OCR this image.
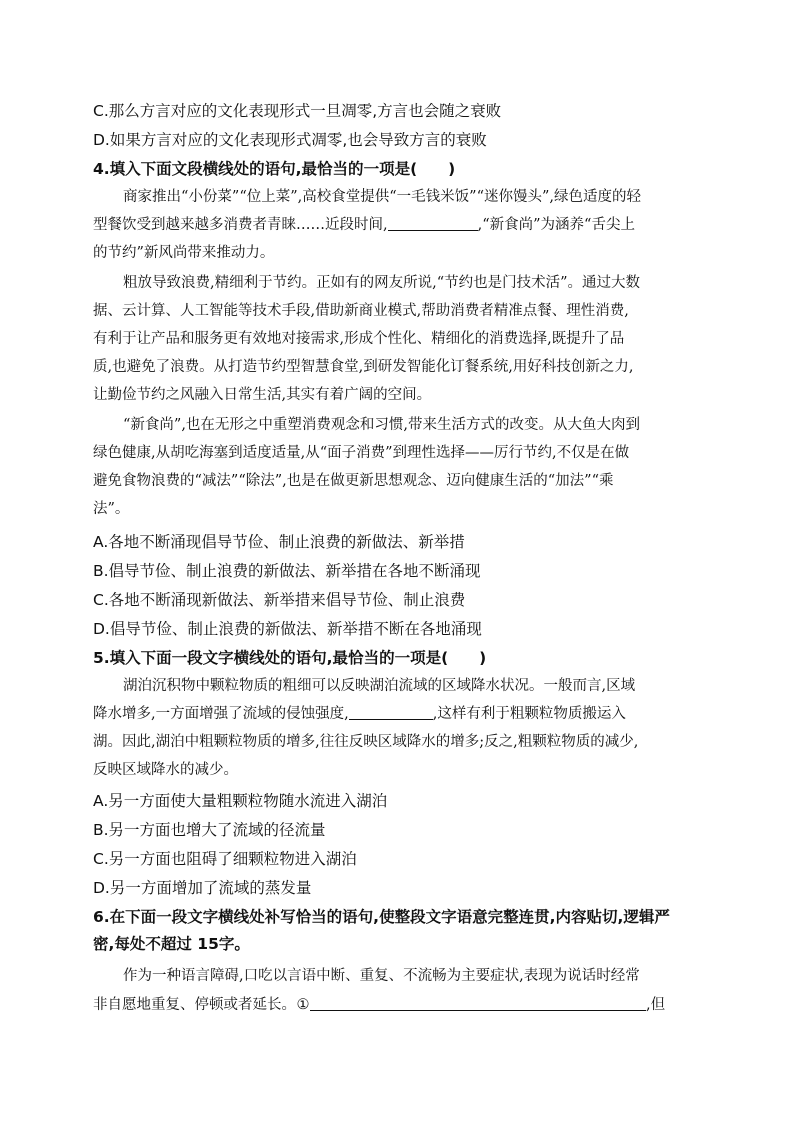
C.那么方言对应的文化表现形式一旦凋零,方言也会随之衰败

D.如果方言对应的文化表现形式凋零,也会导致方言的衰败

4.填入下面文段横线处的语句,最恰当的一项是(　　)

商家推出“小份菜”“位上菜”,高校食堂提供“一毛钱米饭”“迷你馒头”,绿色适度的轻

型餐饮受到越来越多消费者青睐……近段时间,	,“新食尚”为涵养“舌尖上

的节约”新风尚带来推动力。

粗放导致浪费,精细利于节约。正如有的网友所说,“节约也是门技术活”。通过大数

据、云计算、人工智能等技术手段,借助新商业模式,帮助消费者精准点餐、理性消费,

有利于让产品和服务更有效地对接需求,形成个性化、精细化的消费选择,既提升了品

质,也避免了浪费。从打造节约型智慧食堂,到研发智能化订餐系统,用好科技创新之力,

让勤俭节约之风融入日常生活,其实有着广阔的空间。

“新食尚”,也在无形之中重塑消费观念和习惯,带来生活方式的改变。从大鱼大肉到

绿色健康,从胡吃海塞到适度适量,从“面子消费”到理性选择——厉行节约,不仅是在做

避免食物浪费的“减法”“除法”,也是在做更新思想观念、迈向健康生活的“加法”“乘

法”。

A.各地不断涌现倡导节俭、制止浪费的新做法、新举措

B.倡导节俭、制止浪费的新做法、新举措在各地不断涌现

C.各地不断涌现新做法、新举措来倡导节俭、制止浪费

D.倡导节俭、制止浪费的新做法、新举措不断在各地涌现

5.填入下面一段文字横线处的语句,最恰当的一项是(　　)

湖泊沉积物中颗粒物质的粗细可以反映湖泊流域的区域降水状况。一般而言,区域

降水增多,一方面增强了流域的侵蚀强度,	,这样有利于粗颗粒物质搬运入

湖。因此,湖泊中粗颗粒物质的增多,往往反映区域降水的增多;反之,粗颗粒物质的减少,

反映区域降水的减少。

A.另一方面使大量粗颗粒物随水流进入湖泊

B.另一方面也增大了流域的径流量

C.另一方面也阻碍了细颗粒物进入湖泊

D.另一方面增加了流域的蒸发量

6.在下面一段文字横线处补写恰当的语句,使整段文字语意完整连贯,内容贴切,逻辑严

密,每处不超过 15字。

作为一种语言障碍,口吃以言语中断、重复、不流畅为主要症状,表现为说话时经常

非自愿地重复、停顿或者延长。①	,但
